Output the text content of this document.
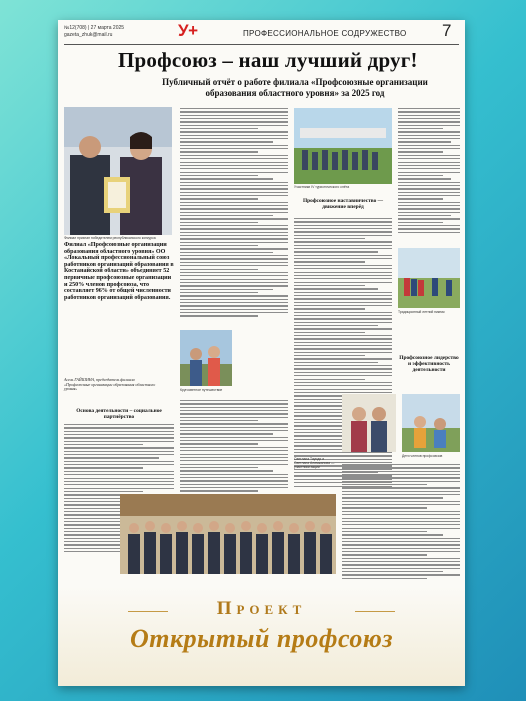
№12(708) | 27 марта 2025
gazeta_zhuk@mail.ru	У+	ПРОФЕССИОНАЛЬНОЕ СОДРУЖЕСТВО 7
Профсоюз – наш лучший друг!
Публичный отчёт о работе филиала «Профсоюзные организации образования областного уровня» за 2025 год
Филиал признан победителем республиканского конкурса
Филиал «Профсоюзные организации образования областного уровня» ОО «Локальный профессиональный союз работников организаций образования в Костанайской области» объединяет 52 первичные профсоюзные организации и 250% членов профсоюза, что составляет 96% от общей численности работников организаций образования.
Асель ГАЙШИНА, председатель филиала «Профсоюзные организации образования областного уровня»
Основа деятельности – социальное партнёрство
Кругосветное путешествие
Участники IV туристического слёта
Профсоюзное наставничество — движение вперёд
Традиционный летний пикник
Профсоюзное лидерство и эффективность деятельности
Дети членов профсоюзов
Светлана Тауиди и Светлана Алимжанова — участники акции
Проект
Открытый профсоюз
